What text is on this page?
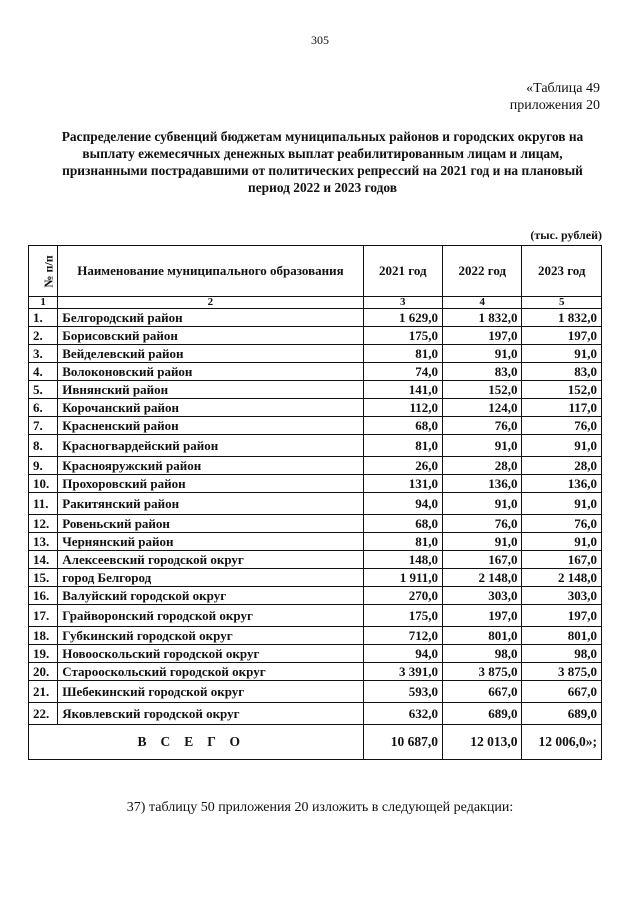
305
«Таблица 49
приложения 20
Распределение субвенций бюджетам муниципальных районов и городских округов на выплату ежемесячных денежных выплат реабилитированным лицам и лицам, признанными пострадавшими от политических репрессий на 2021 год и на плановый период 2022 и 2023 годов
(тыс. рублей)
№ п/п	Наименование муниципального образования	2021 год	2022 год	2023 год
1	2	3	4	5
1.	Белгородский район	1 629,0	1 832,0	1 832,0
2.	Борисовский район	175,0	197,0	197,0
3.	Вейделевский район	81,0	91,0	91,0
4.	Волоконовский район	74,0	83,0	83,0
5.	Ивнянский район	141,0	152,0	152,0
6.	Корочанский район	112,0	124,0	117,0
7.	Красненский район	68,0	76,0	76,0
8.	Красногвардейский район	81,0	91,0	91,0
9.	Краснояружский район	26,0	28,0	28,0
10.	Прохоровский район	131,0	136,0	136,0
11.	Ракитянский район	94,0	91,0	91,0
12.	Ровеньский район	68,0	76,0	76,0
13.	Чернянский район	81,0	91,0	91,0
14.	Алексеевский городской округ	148,0	167,0	167,0
15.	город Белгород	1 911,0	2 148,0	2 148,0
16.	Валуйский городской округ	270,0	303,0	303,0
17.	Грайворонский городской округ	175,0	197,0	197,0
18.	Губкинский городской округ	712,0	801,0	801,0
19.	Новооскольский городской округ	94,0	98,0	98,0
20.	Старооскольский городской округ	3 391,0	3 875,0	3 875,0
21.	Шебекинский городской округ	593,0	667,0	667,0
22.	Яковлевский городской округ	632,0	689,0	689,0
ВСЕГО		10 687,0	12 013,0	12 006,0»;
37) таблицу 50 приложения 20 изложить в следующей редакции:
